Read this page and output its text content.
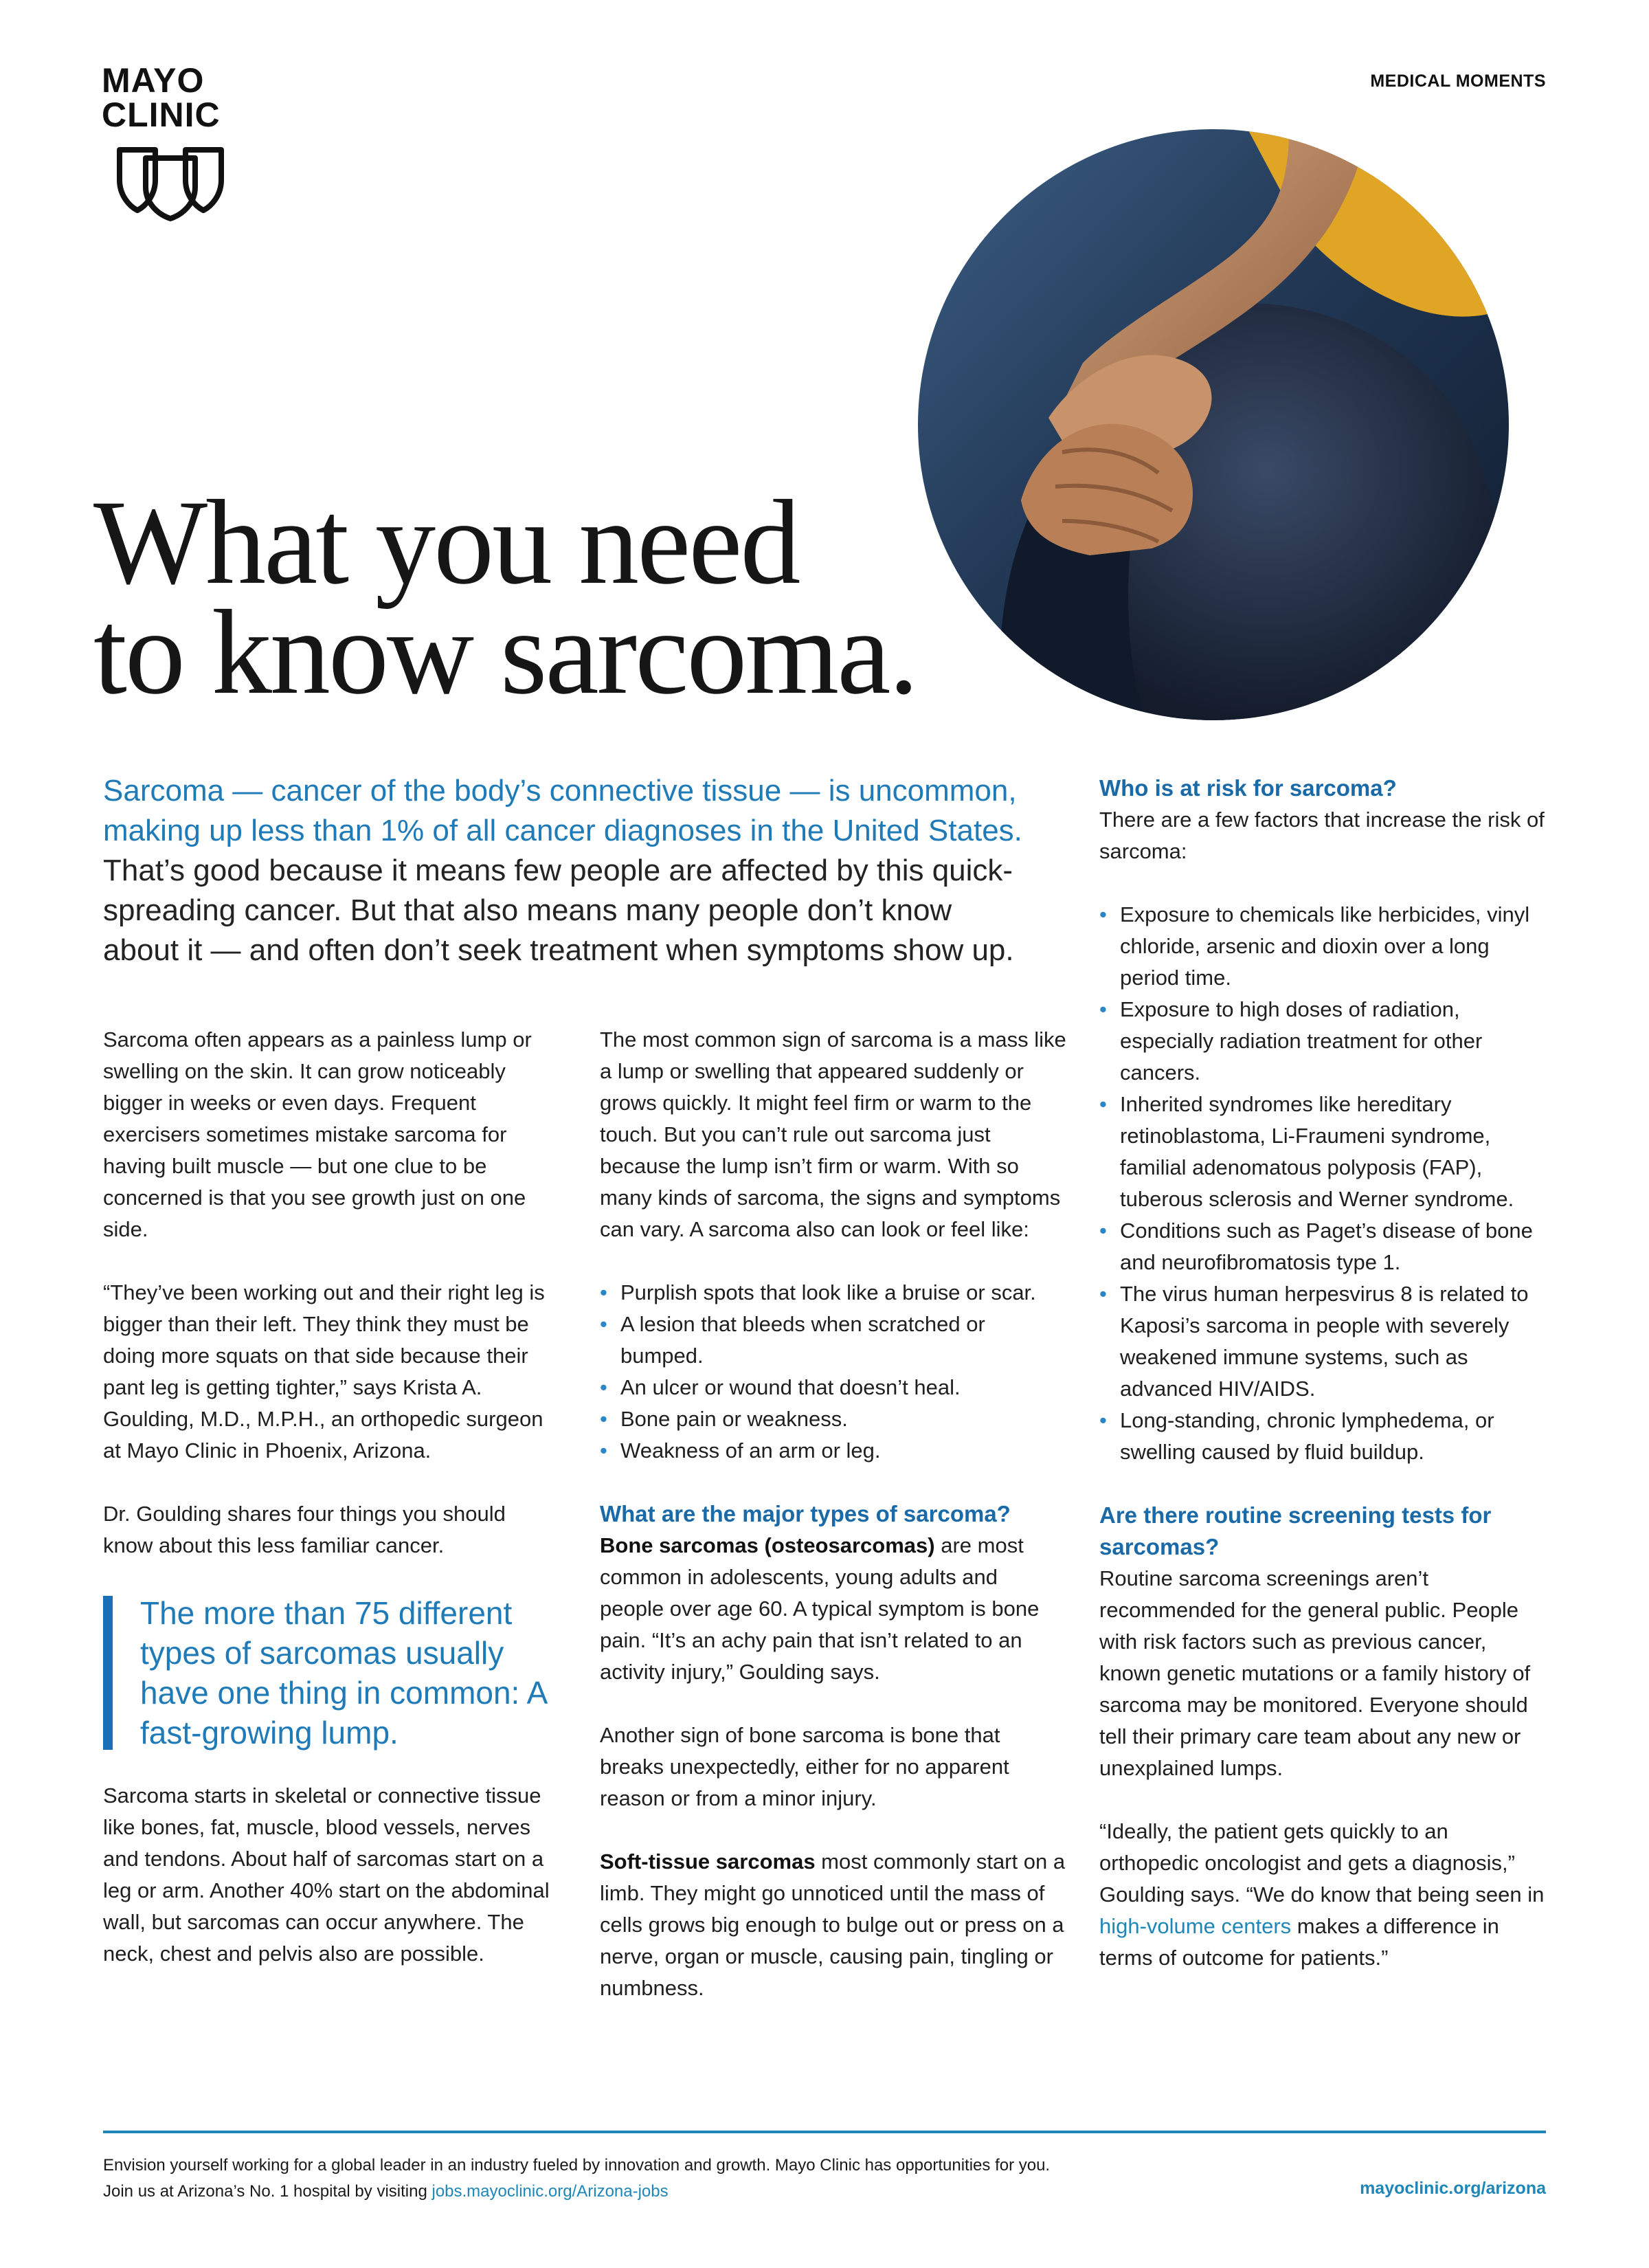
MAYO
CLINIC
MEDICAL MOMENTS
What you need
to know sarcoma.
Sarcoma — cancer of the body’s connective tissue — is uncommon,
making up less than 1% of all cancer diagnoses in the United States.
That’s good because it means few people are affected by this quick-
spreading cancer. But that also means many people don’t know
about it — and often don’t seek treatment when symptoms show up.

Sarcoma often appears as a painless lump or swelling on the skin. It can grow noticeably bigger in weeks or even days. Frequent exercisers sometimes mistake sarcoma for having built muscle — but one clue to be concerned is that you see growth just on one side.

“They’ve been working out and their right leg is bigger than their left. They think they must be doing more squats on that side because their pant leg is getting tighter,” says Krista A. Goulding, M.D., M.P.H., an orthopedic surgeon at Mayo Clinic in Phoenix, Arizona.

Dr. Goulding shares four things you should know about this less familiar cancer.

The more than 75 different types of sarcomas usually have one thing in common: A fast-growing lump.

Sarcoma starts in skeletal or connective tissue like bones, fat, muscle, blood vessels, nerves and tendons. About half of sarcomas start on a leg or arm. Another 40% start on the abdominal wall, but sarcomas can occur anywhere. The neck, chest and pelvis also are possible.

The most common sign of sarcoma is a mass like a lump or swelling that appeared suddenly or grows quickly. It might feel firm or warm to the touch. But you can’t rule out sarcoma just because the lump isn’t firm or warm. With so many kinds of sarcoma, the signs and symptoms can vary. A sarcoma also can look or feel like:

• Purplish spots that look like a bruise or scar.
• A lesion that bleeds when scratched or bumped.
• An ulcer or wound that doesn’t heal.
• Bone pain or weakness.
• Weakness of an arm or leg.
What are the major types of sarcoma?

Bone sarcomas (osteosarcomas) are most common in adolescents, young adults and people over age 60. A typical symptom is bone pain. “It’s an achy pain that isn’t related to an activity injury,” Goulding says.

Another sign of bone sarcoma is bone that breaks unexpectedly, either for no apparent reason or from a minor injury.

Soft-tissue sarcomas most commonly start on a limb. They might go unnoticed until the mass of cells grows big enough to bulge out or press on a nerve, organ or muscle, causing pain, tingling or numbness.

Who is at risk for sarcoma?

There are a few factors that increase the risk of sarcoma:

• Exposure to chemicals like herbicides, vinyl chloride, arsenic and dioxin over a long period time.
• Exposure to high doses of radiation, especially radiation treatment for other cancers.
• Inherited syndromes like hereditary retinoblastoma, Li-Fraumeni syndrome, familial adenomatous polyposis (FAP), tuberous sclerosis and Werner syndrome.
• Conditions such as Paget’s disease of bone and neurofibromatosis type 1.
• The virus human herpesvirus 8 is related to Kaposi’s sarcoma in people with severely weakened immune systems, such as advanced HIV/AIDS.
• Long-standing, chronic lymphedema, or swelling caused by fluid buildup.
Are there routine screening tests for sarcomas?

Routine sarcoma screenings aren’t recommended for the general public. People with risk factors such as previous cancer, known genetic mutations or a family history of sarcoma may be monitored. Everyone should tell their primary care team about any new or unexplained lumps.

“Ideally, the patient gets quickly to an orthopedic oncologist and gets a diagnosis,” Goulding says. “We do know that being seen in high-volume centers makes a difference in terms of outcome for patients.”

Envision yourself working for a global leader in an industry fueled by innovation and growth. Mayo Clinic has opportunities for you. Join us at Arizona’s No. 1 hospital by visiting jobs.mayoclinic.org/Arizona-jobs	mayoclinic.org/arizona
